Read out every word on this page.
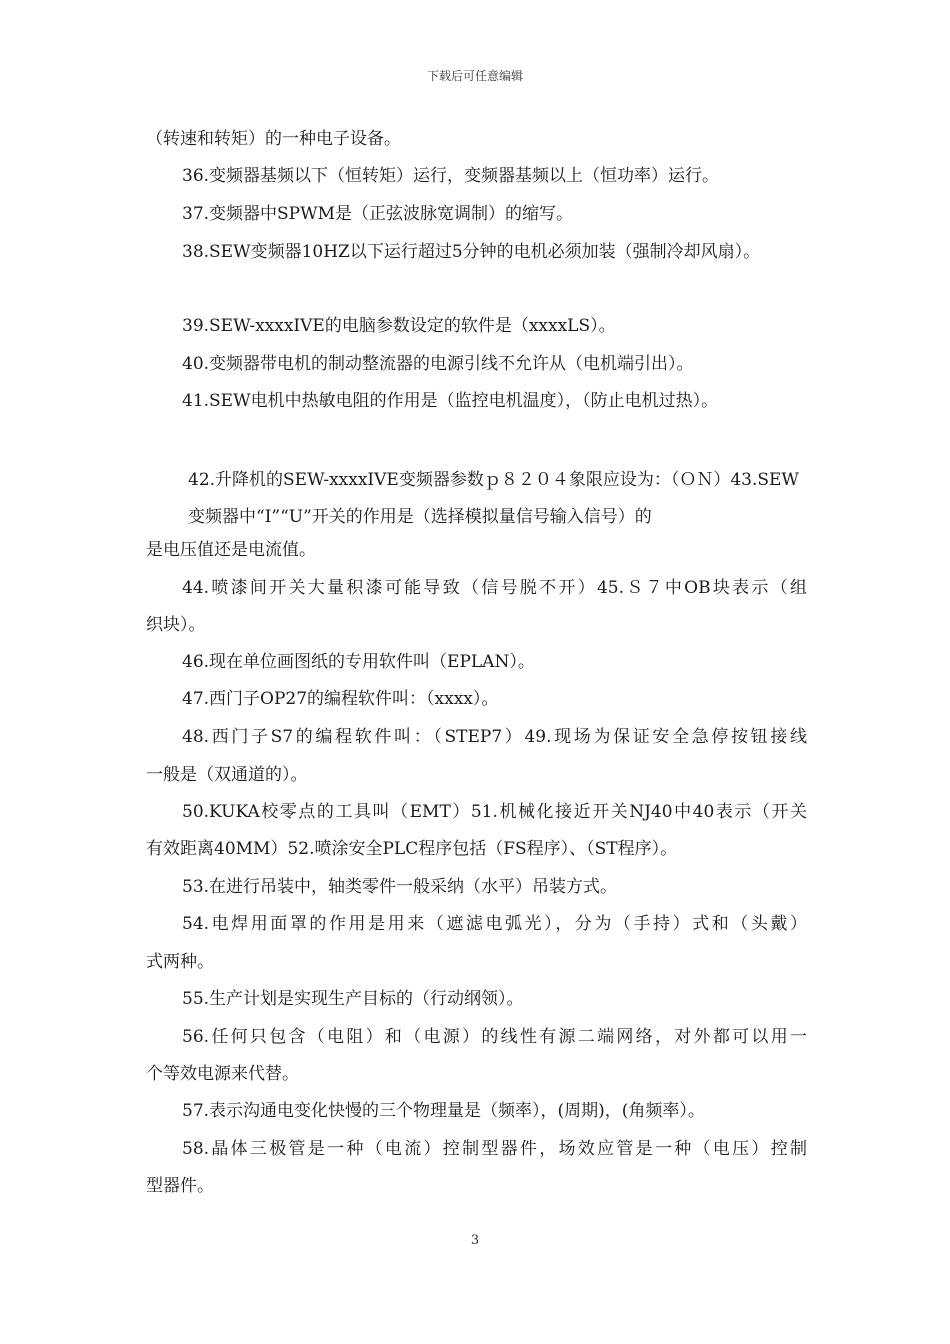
下载后可任意编辑
（转速和转矩）的一种电子设备。
36.变频器基频以下（恒转矩）运行，变频器基频以上（恒功率）运行。
37.变频器中SPWM是（正弦波脉宽调制）的缩写。
38.SEW变频器10HZ以下运行超过5分钟的电机必须加装（强制冷却风扇）。
39.SEW-xxxxIVE的电脑参数设定的软件是（xxxxLS）。
40.变频器带电机的制动整流器的电源引线不允许从（电机端引出）。
41.SEW电机中热敏电阻的作用是（监控电机温度），（防止电机过热）。
42.升降机的SEW-xxxxIVE变频器参数ｐ８２０４象限应设为：（ＯＮ）43.SEW变频器中“I”“U”开关的作用是（选择模拟量信号输入信号）的
是电压值还是电流值。
44.喷漆间开关大量积漆可能导致（信号脱不开）45.Ｓ７中OB块表示（组
织块）。
46.现在单位画图纸的专用软件叫（EPLAN）。
47.西门子OP27的编程软件叫：（xxxx）。
48.西门子S7的编程软件叫：（STEP7）49.现场为保证安全急停按钮接线
一般是（双通道的）。
50.KUKA校零点的工具叫（EMT）51.机械化接近开关NJ40中40表示（开关
有效距离40MM）52.喷涂安全PLC程序包括（FS程序）、（ST程序）。
53.在进行吊装中，轴类零件一般采纳（水平）吊装方式。
54.电焊用面罩的作用是用来（遮滤电弧光），分为（手持）式和（头戴）
式两种。
55.生产计划是实现生产目标的（行动纲领）。
56.任何只包含（电阻）和（电源）的线性有源二端网络，对外都可以用一
个等效电源来代替。
57.表示沟通电变化快慢的三个物理量是（频率），(周期)，(角频率）。
58.晶体三极管是一种（电流）控制型器件，场效应管是一种（电压）控制
型器件。
3
